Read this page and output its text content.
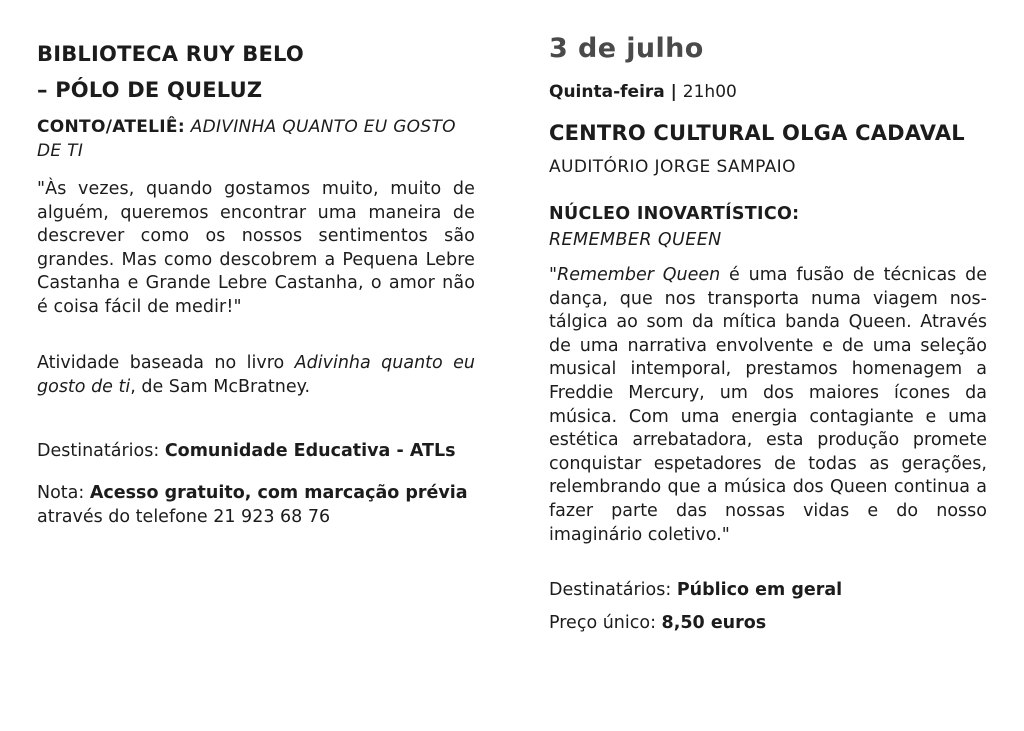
BIBLIOTECA RUY BELO
– PÓLO DE QUELUZ
CONTO/ATELIÊ: ADIVINHA QUANTO EU GOSTO DE TI
"Às vezes, quando gostamos muito, muito de alguém, queremos encontrar uma maneira de descrever como os nossos sentimentos são grandes. Mas como descobrem a Pequena Lebre Castanha e Grande Lebre Castanha, o amor não é coisa fácil de medir!"
Atividade baseada no livro Adivinha quanto eu gosto de ti, de Sam McBratney.
Destinatários: Comunidade Educativa - ATLs
Nota: Acesso gratuito, com marcação prévia
através do telefone 21 923 68 76
3 de julho
Quinta-feira | 21h00
CENTRO CULTURAL OLGA CADAVAL
AUDITÓRIO JORGE SAMPAIO
NÚCLEO INOVARTÍSTICO:
REMEMBER QUEEN
"Remember Queen é uma fusão de técnicas de dança, que nos transporta numa viagem nostálgica ao som da mítica banda Queen. Através de uma narrativa envolvente e de uma seleção musical intemporal, prestamos homenagem a Freddie Mercury, um dos maiores ícones da música. Com uma energia contagiante e uma estética arrebatadora, esta produção promete conquistar espetadores de todas as gerações, relembrando que a música dos Queen continua a fazer parte das nossas vidas e do nosso imaginário coletivo."
Destinatários: Público em geral
Preço único: 8,50 euros
